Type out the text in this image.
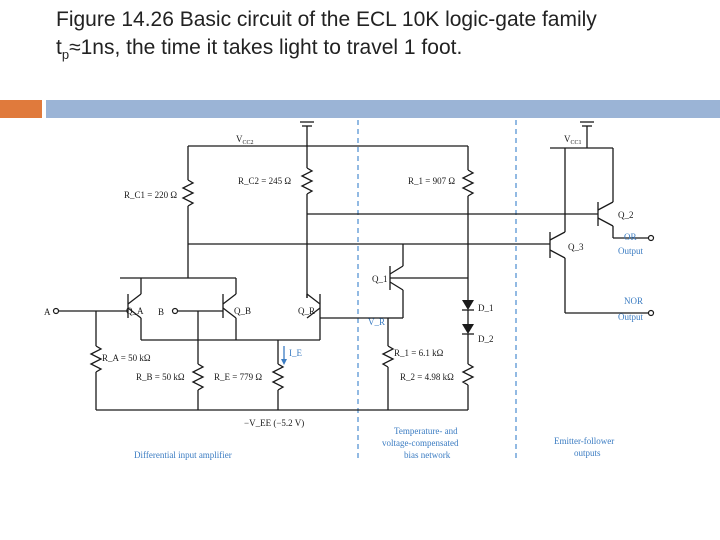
Figure 14.26 Basic circuit of the ECL 10K logic-gate family
$t_p\approx 1ns$, the time it takes light to travel 1 foot.
$V_{CC2}$
R_C1 = 220 Ω
R_C2 = 245 Ω	R_1 = 907 Ω
Q_A	Q_B	Q_R
V_R
A	B
R_A = 50 kΩ
R_B = 50 kΩ	R_E = 779 Ω
I_E
−V_EE (−5.2 V)
Q_1
D_1
D_2
R_1 = 6.1 kΩ
R_2 = 4.98 kΩ
$V_{CC1}$
Q_2
Q_3
OR
Output
NOR
Output
Differential input amplifier
Temperature- and
voltage-compensated
bias network
Emitter-follower
outputs
